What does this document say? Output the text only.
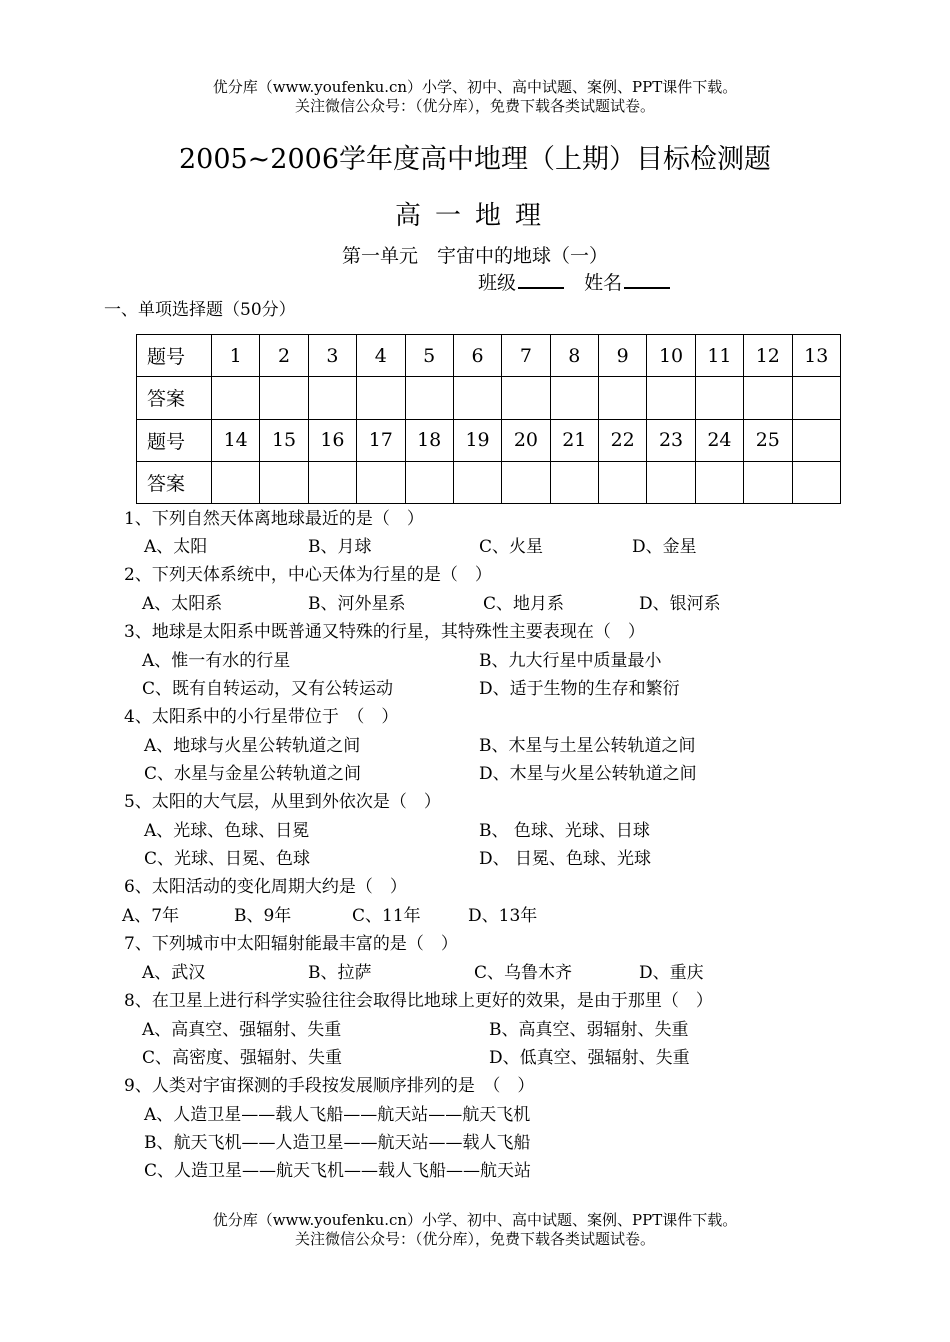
优分库（www.youfenku.cn）小学、初中、高中试题、案例、PPT课件下载。
关注微信公众号：（优分库），免费下载各类试题试卷。
2005~2006学年度高中地理（上期）目标检测题
高一地理
第一单元　宇宙中的地球（一）
班级	姓名
一、单项选择题（50分）
题号	1	2	3	4	5	6	7	8	9	10	11	12	13
答案													
题号	14	15	16	17	18	19	20	21	22	23	24	25	
答案													
1、下列自然天体离地球最近的是（　）
A、太阳	B、月球	C、火星	D、金星
2、下列天体系统中，中心天体为行星的是（　）
A、太阳系	B、河外星系	C、地月系	D、银河系
3、地球是太阳系中既普通又特殊的行星，其特殊性主要表现在（　）
A、惟一有水的行星	B、九大行星中质量最小
C、既有自转运动，又有公转运动	D、适于生物的生存和繁衍
4、太阳系中的小行星带位于　（　）
A、地球与火星公转轨道之间	B、木星与土星公转轨道之间
C、水星与金星公转轨道之间	D、木星与火星公转轨道之间
5、太阳的大气层，从里到外依次是（　）
A、光球、色球、日冕	B、 色球、光球、日球
C、光球、日冕、色球	D、 日冕、色球、光球
6、太阳活动的变化周期大约是（　）
A、7年	B、9年	C、11年	D、13年
7、下列城市中太阳辐射能最丰富的是（　）
A、武汉	B、拉萨	C、乌鲁木齐	D、重庆
8、在卫星上进行科学实验往往会取得比地球上更好的效果，是由于那里（　）
A、高真空、强辐射、失重	B、高真空、弱辐射、失重
C、高密度、强辐射、失重	D、低真空、强辐射、失重
9、人类对宇宙探测的手段按发展顺序排列的是　（　）
A、人造卫星——载人飞船——航天站——航天飞机
B、航天飞机——人造卫星——航天站——载人飞船
C、人造卫星——航天飞机——载人飞船——航天站
优分库（www.youfenku.cn）小学、初中、高中试题、案例、PPT课件下载。
关注微信公众号：（优分库），免费下载各类试题试卷。
